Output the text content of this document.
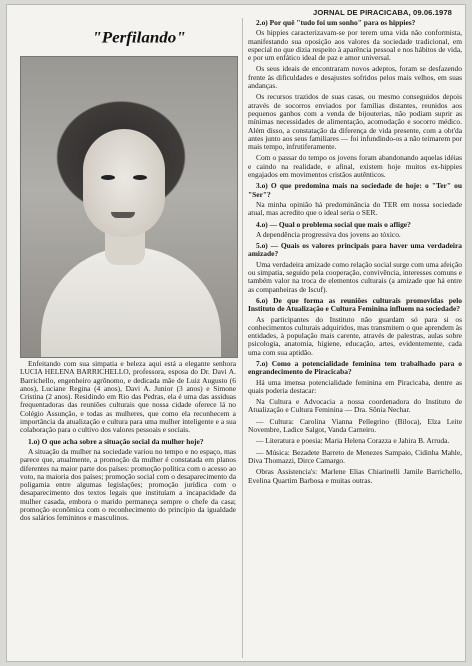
JORNAL DE PIRACICABA, 09.06.1978
"Perfilando"

Enfeitando com sua simpatia e beleza aqui está a elegante senhora LUCIA HELENA BARRICHELLO, professora, esposa do Dr. Davi A. Barrichello, engenheiro agrônomo, e dedicada mãe de Luiz Augusto (6 anos), Luciane Regina (4 anos), Davi A. Junior (3 anos) e Simone Cristina (2 anos). Residindo em Rio das Pedras, ela é uma das assíduas frequentadoras das reuniões culturais que nossa cidade oferece lá no Colégio Assunção, e todas as mulheres, que como ela reconhecem a importância da atualização e cultura para uma mulher inteligente e a sua colaboração para o cultivo dos valores pessoais e sociais.

1.o) O que acha sobre a situação social da mulher hoje?

A situação da mulher na sociedade variou no tempo e no espaço, mas parece que, atualmente, a promoção da mulher é constatada em planos diferentes na maior parte dos países: promoção política com o acesso ao voto, na maioria dos países; promoção social com o desaparecimento da poligamia entre algumas legislações; promoção jurídica com o desaparecimento dos textos legais que instituíam a incapacidade da mulher casada, embora o marido permaneça sempre o chefe da casa; promoção econômica com o reconhecimento do princípio da igualdade dos salários femininos e masculinos.

2.o) Por quê "tudo foi um sonho" para os hippies?

Os hippies caracterizavam-se por terem uma vida não conformista, manifestando sua oposição aos valores da sociedade tradicional, em especial no que dizia respeito à aparência pessoal e nos hábitos de vida, e por um enfático ideal de paz e amor universal.

Os seus ideais de encontraram novos adeptos, foram se desfazendo frente às dificuldades e desajustes sofridos pelos mais velhos, em suas andanças.

Os recursos trazidos de suas casas, ou mesmo conseguidos depois através de socorros enviados por famílias distantes, reunidos aos pequenos ganhos com a venda de bijouterias, não podiam suprir as mínimas necessidades de alimentação, acomodação e socorro médico. Além disso, a constatação da diferença de vida presente, com a obt'da antes junto aos seus familiares — foi infundindo-os a não teimarem por mais tempo, infrutiferamente.

Com o passar do tempo os jovens foram abandonando aquelas idéias e caindo na realidade, e afinal, existem hoje muitos ex-hippies engajados em movimentos cristãos autênticos.

3.o) O que predomina mais na sociedade de hoje: o "Ter" ou "Ser"?

Na minha opinião há predominância do TER em nossa sociedade atual, mas acredito que o ideal seria o SER.

4.o) — Qual o problema social que mais o aflige?

A dependência progressiva dos jovens ao tóxico.

5.o) — Quais os valores principais para haver uma verdadeira amizade?

Uma verdadeira amizade como relação social surge com uma afeição ou simpatia, seguido pela cooperação, convivência, interesses comuns e também valor na troca de elementos culturais (a amizade que há entre as companheiras de Iscuf).

6.o) De que forma as reuniões culturais promovidas pelo Instituto de Atualização e Cultura Feminina influem na sociedade?

As participantes do Instituto não guardam só para si os conhecimentos culturais adquiridos, mas transmitem o que aprendem às entidades, à população mais carente, através de palestras, aulas sobre psicologia, anatomia, higiene, educação, artes, evidentemente, cada uma com sua aptidão.

7.o) Como a potencialidade feminina tem trabalhado para o engrandecimento de Piracicaba?

Há uma imensa potencialidade feminina em Piracicaba, dentre as quais poderia destacar:

Na Cultura e Advocacia a nossa coordenadora do Instituto de Atualização e Cultura Feminina — Dra. Sônia Nechar.

— Cultura: Carolina Vianna Pellegrino (Biloca), Elza Leite Novembre, Ladice Salgot, Vanda Carneiro.

— Literatura e poesia: Maria Helena Corazza e Jahira B. Arruda.

— Música: Bezadete Barreto de Menezes Sampaio, Cidinha Mahle, Diva Thomazzi, Dirce Camargo.

Obras Assistencia's: Marlene Elias Chiarinelli Jamile Barrichello, Evelina Quartim Barbosa e muitas outras.
